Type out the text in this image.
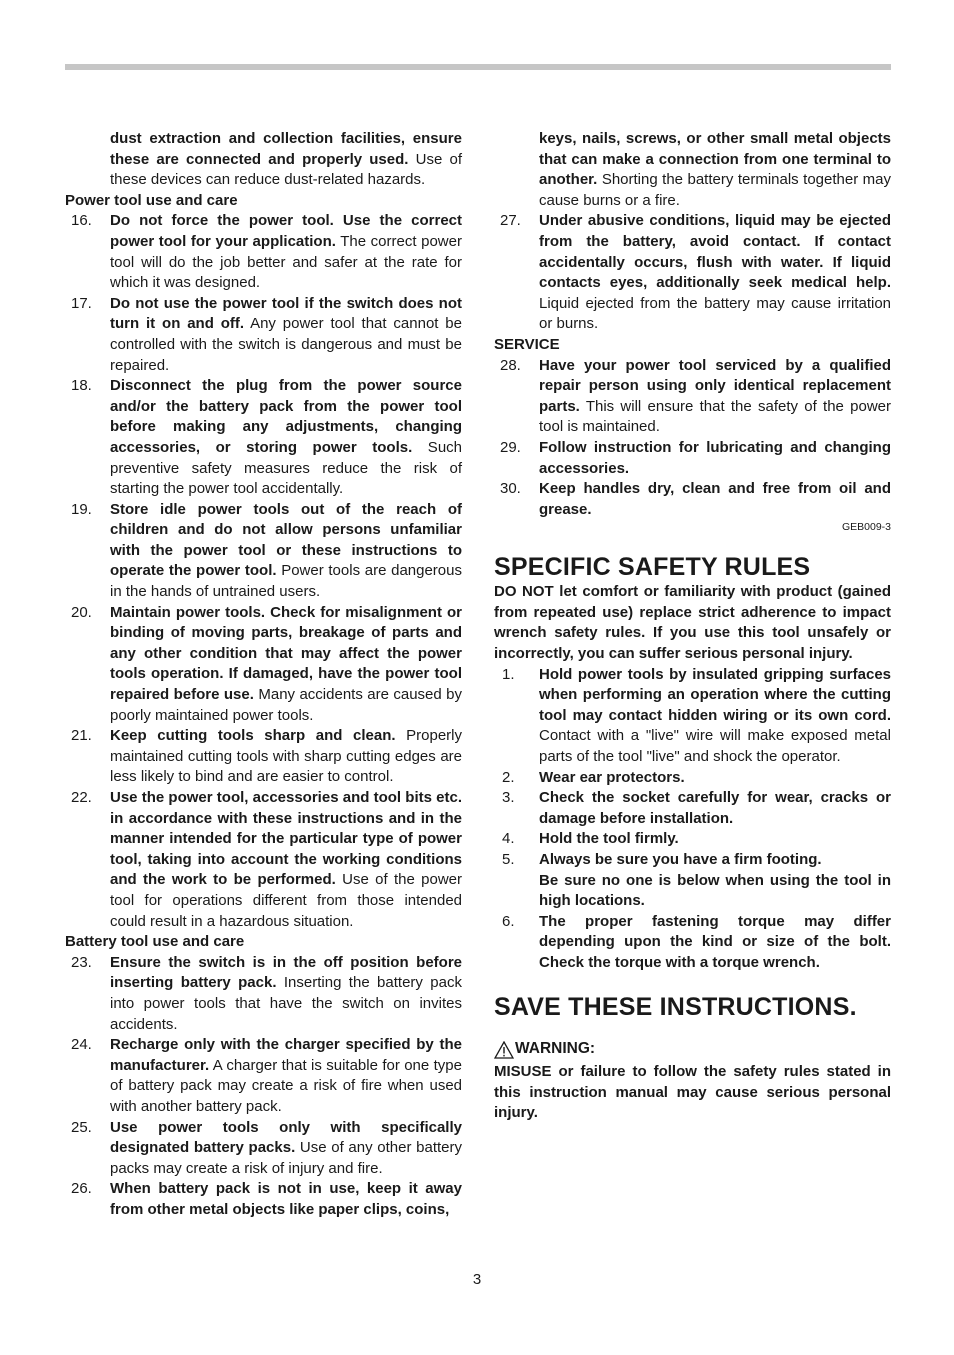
dust extraction and collection facilities, ensure these are connected and properly used. Use of these devices can reduce dust-related hazards.
Power tool use and care
16. Do not force the power tool. Use the correct power tool for your application. The correct power tool will do the job better and safer at the rate for which it was designed.
17. Do not use the power tool if the switch does not turn it on and off. Any power tool that cannot be controlled with the switch is dangerous and must be repaired.
18. Disconnect the plug from the power source and/or the battery pack from the power tool before making any adjustments, changing accessories, or storing power tools. Such preventive safety measures reduce the risk of starting the power tool accidentally.
19. Store idle power tools out of the reach of children and do not allow persons unfamiliar with the power tool or these instructions to operate the power tool. Power tools are dangerous in the hands of untrained users.
20. Maintain power tools. Check for misalignment or binding of moving parts, breakage of parts and any other condition that may affect the power tools operation. If damaged, have the power tool repaired before use. Many accidents are caused by poorly maintained power tools.
21. Keep cutting tools sharp and clean. Properly maintained cutting tools with sharp cutting edges are less likely to bind and are easier to control.
22. Use the power tool, accessories and tool bits etc. in accordance with these instructions and in the manner intended for the particular type of power tool, taking into account the working conditions and the work to be performed. Use of the power tool for operations different from those intended could result in a hazardous situation.
Battery tool use and care
23. Ensure the switch is in the off position before inserting battery pack. Inserting the battery pack into power tools that have the switch on invites accidents.
24. Recharge only with the charger specified by the manufacturer. A charger that is suitable for one type of battery pack may create a risk of fire when used with another battery pack.
25. Use power tools only with specifically designated battery packs. Use of any other battery packs may create a risk of injury and fire.
26. When battery pack is not in use, keep it away from other metal objects like paper clips, coins,
keys, nails, screws, or other small metal objects that can make a connection from one terminal to another. Shorting the battery terminals together may cause burns or a fire.
27. Under abusive conditions, liquid may be ejected from the battery, avoid contact. If contact accidentally occurs, flush with water. If liquid contacts eyes, additionally seek medical help. Liquid ejected from the battery may cause irritation or burns.
SERVICE
28. Have your power tool serviced by a qualified repair person using only identical replacement parts. This will ensure that the safety of the power tool is maintained.
29. Follow instruction for lubricating and changing accessories.
30. Keep handles dry, clean and free from oil and grease.
GEB009-3
SPECIFIC SAFETY RULES
DO NOT let comfort or familiarity with product (gained from repeated use) replace strict adherence to impact wrench safety rules. If you use this tool unsafely or incorrectly, you can suffer serious personal injury.
1. Hold power tools by insulated gripping surfaces when performing an operation where the cutting tool may contact hidden wiring or its own cord. Contact with a "live" wire will make exposed metal parts of the tool "live" and shock the operator.
2. Wear ear protectors.
3. Check the socket carefully for wear, cracks or damage before installation.
4. Hold the tool firmly.
5. Always be sure you have a firm footing.
Be sure no one is below when using the tool in high locations.
6. The proper fastening torque may differ depending upon the kind or size of the bolt. Check the torque with a torque wrench.
SAVE THESE INSTRUCTIONS.
WARNING:
MISUSE or failure to follow the safety rules stated in this instruction manual may cause serious personal injury.
3
